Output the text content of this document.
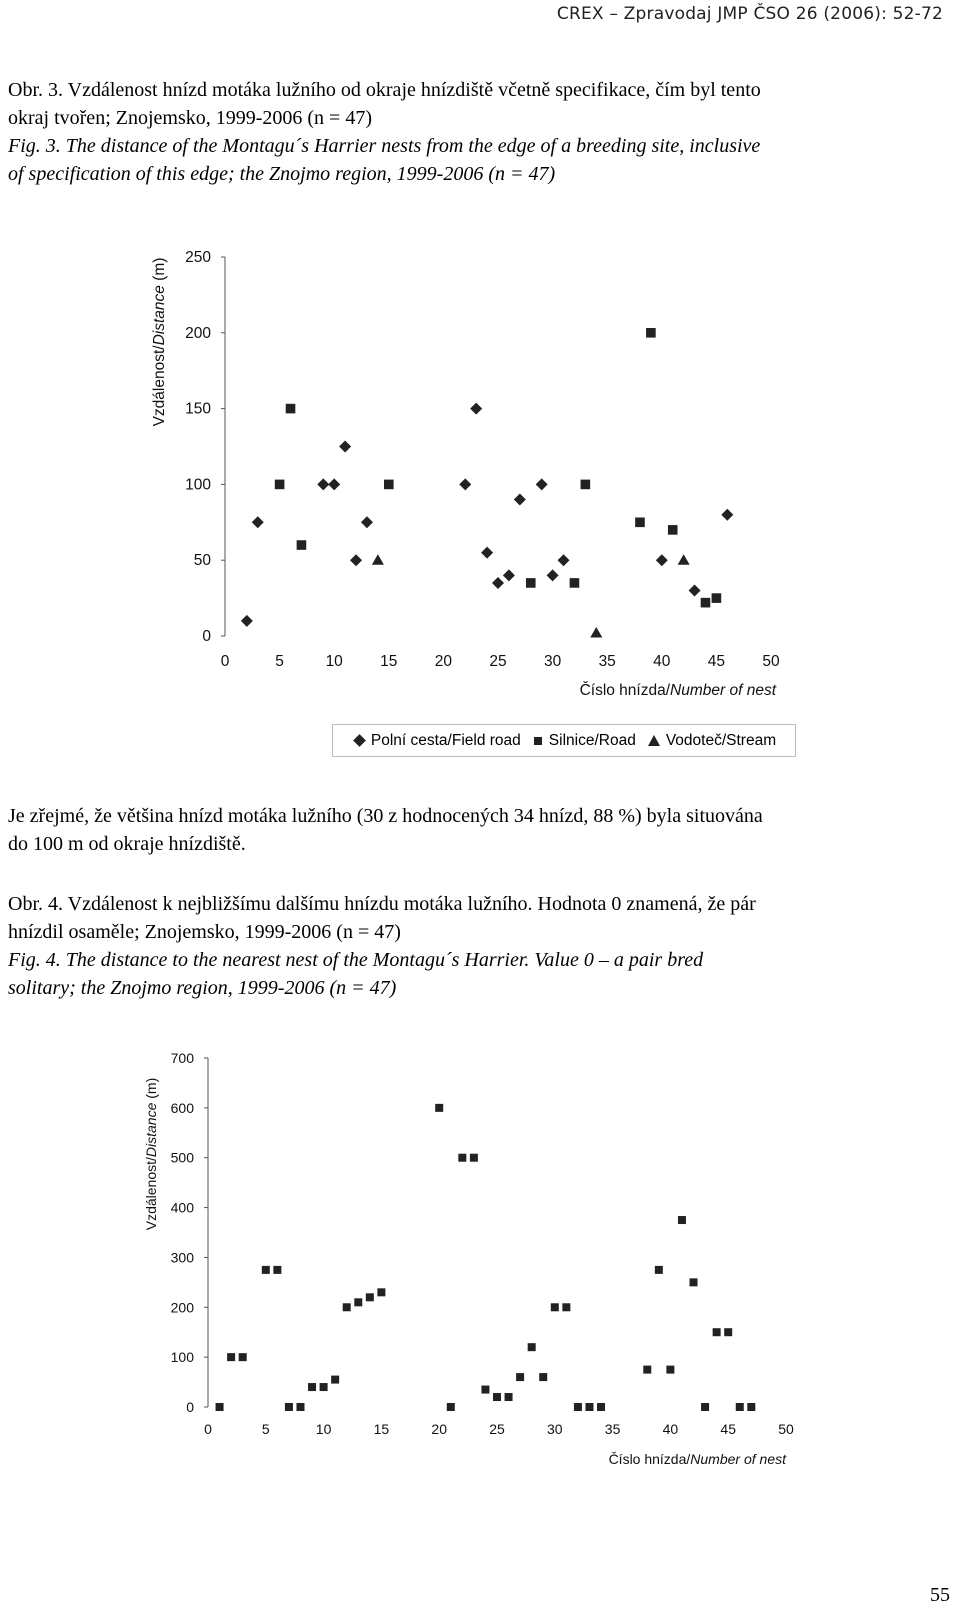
CREX – Zpravodaj JMP ČSO 26 (2006): 52-72
Obr. 3. Vzdálenost hnízd motáka lužního od okraje hnízdiště včetně specifikace, čím byl tento
okraj tvořen; Znojemsko, 1999-2006 (n = 47)
Fig. 3. The distance of the Montagu´s Harrier nests from the edge of a breeding site, inclusive
of specification of this edge; the Znojmo region, 1999-2006 (n = 47)
0
50
100
150
200
250
0	5	10 15 20 25 30 35 40 45 50
Číslo hnízda/Number of nest
Vzdálenost/Distance (m)
Polní cesta/Field road Silnice/Road Vodoteč/Stream
Je zřejmé, že většina hnízd motáka lužního (30 z hodnocených 34 hnízd, 88 %) byla situována
do 100 m od okraje hnízdiště.
Obr. 4. Vzdálenost k nejbližšímu dalšímu hnízdu motáka lužního. Hodnota 0 znamená, že pár
hnízdil osaměle; Znojemsko, 1999-2006 (n = 47)
Fig. 4. The distance to the nearest nest of the Montagu´s Harrier. Value 0 – a pair bred
solitary; the Znojmo region, 1999-2006 (n = 47)
0
100
200
300
400
500
600
700
0	5	10	15	20	25	30	35	40	45	50
Číslo hnízda/Number of nest
Vzdálenost/Distance (m)
55
